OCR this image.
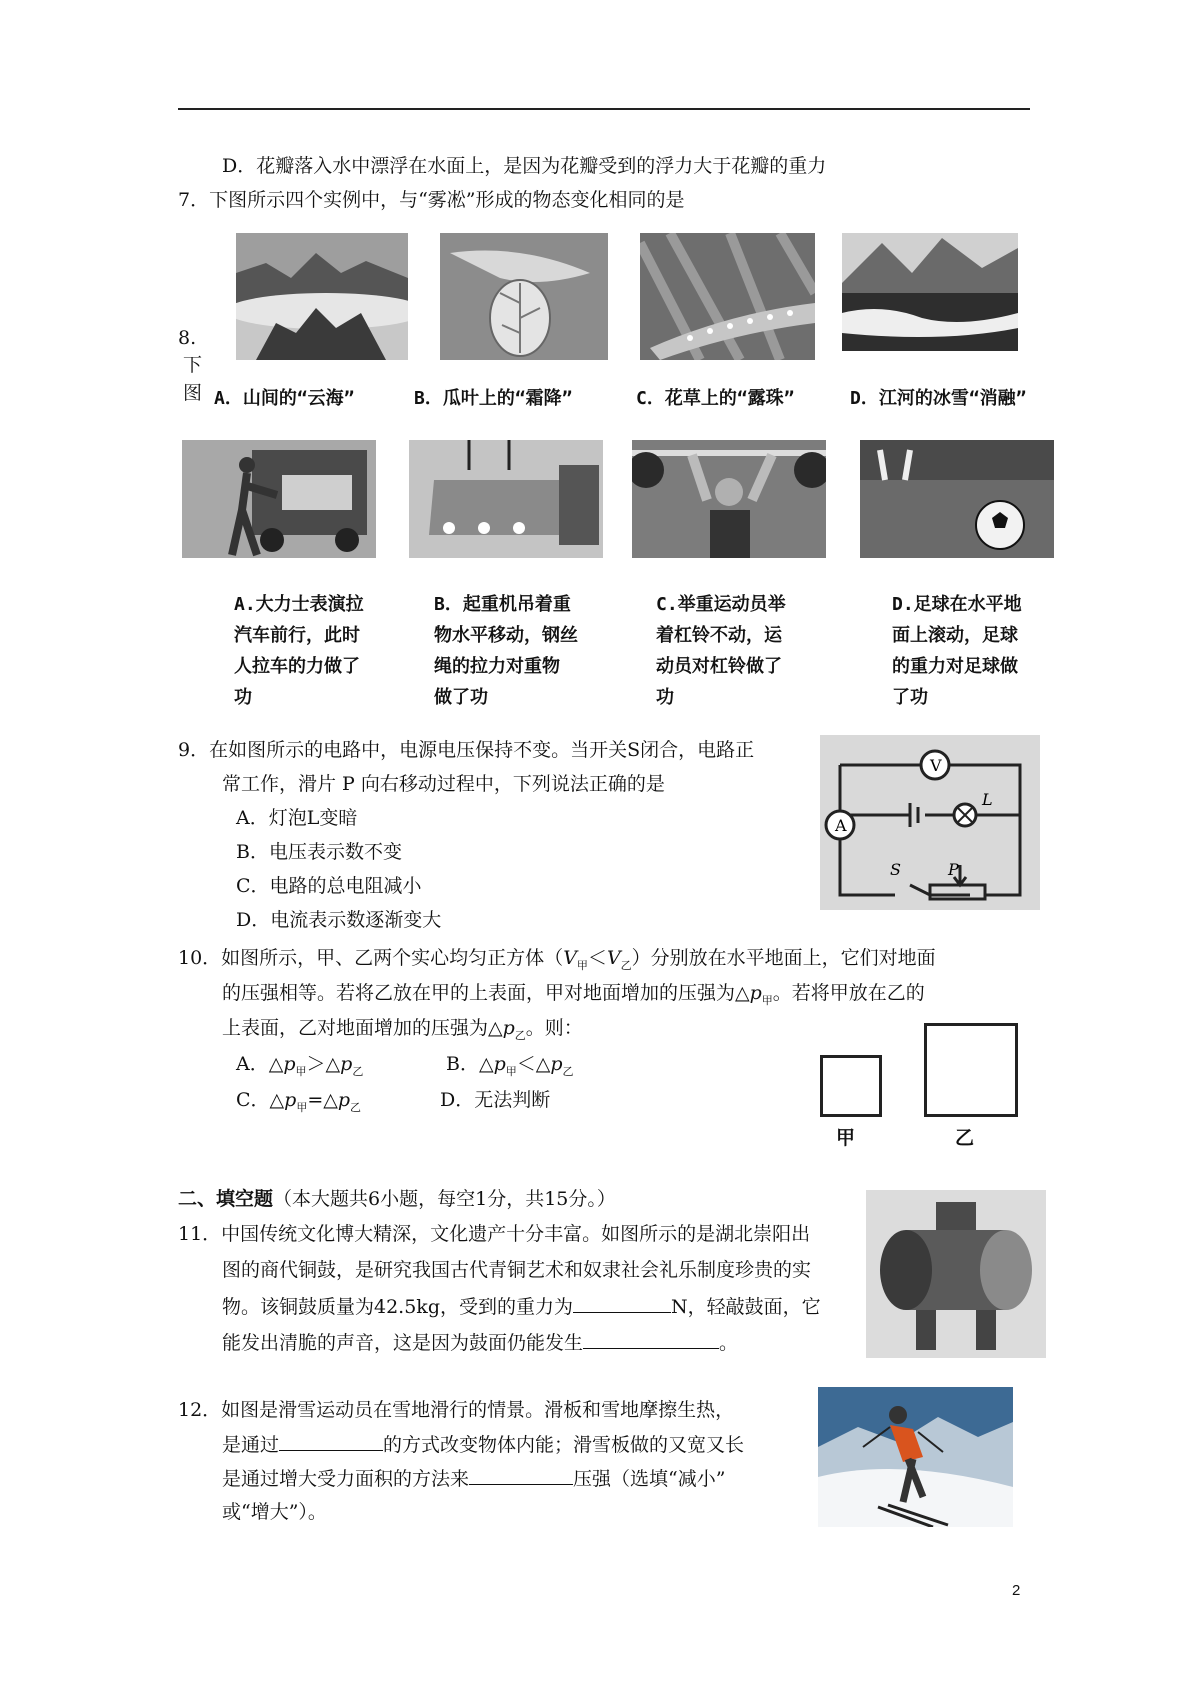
D．花瓣落入水中漂浮在水面上，是因为花瓣受到的浮力大于花瓣的重力
7．下图所示四个实例中，与“雾凇”形成的物态变化相同的是
8.
下
图 A．山间的“云海”	B．瓜叶上的“霜降”	C．花草上的“露珠”	D．江河的冰雪“消融”
A.大力士表演拉
汽车前行，此时
人拉车的力做了
功
B．起重机吊着重
物水平移动，钢丝
绳的拉力对重物
做了功
C.举重运动员举
着杠铃不动，运
动员对杠铃做了
功
D.足球在水平地
面上滚动，足球
的重力对足球做
了功
9．在如图所示的电路中，电源电压保持不变。当开关S闭合，电路正
常工作，滑片 P 向右移动过程中，下列说法正确的是
A．灯泡L变暗
B．电压表示数不变
C．电路的总电阻减小
D．电流表示数逐渐变大
V
A
L
S	P
10．如图所示，甲、乙两个实心均匀正方体$(V_甲<V_乙)$分别放在水平地面上，它们对地面
的压强相等。若将乙放在甲的上表面，甲对地面增加的压强为$\triangle p_甲$。若将甲放在乙的
上表面，乙对地面增加的压强为$\triangle p_乙$。则：
A．$\triangle p_甲>\triangle p_乙$	B．$\triangle p_甲<\triangle p_乙$
C．$\triangle p_甲=\triangle p_乙$	D．无法判断
甲	乙
二、填空题（本大题共6小题，每空1分，共15分。）
11．中国传统文化博大精深，文化遗产十分丰富。如图所示的是湖北崇阳出
图的商代铜鼓，是研究我国古代青铜艺术和奴隶社会礼乐制度珍贵的实
物。该铜鼓质量为42.5kg，受到的重力为	N，轻敲鼓面，它
能发出清脆的声音，这是因为鼓面仍能发生	。
12．如图是滑雪运动员在雪地滑行的情景。滑板和雪地摩擦生热，
是通过	的方式改变物体内能；滑雪板做的又宽又长
是通过增大受力面积的方法来	压强（选填“减小”
或“增大”）。
2
